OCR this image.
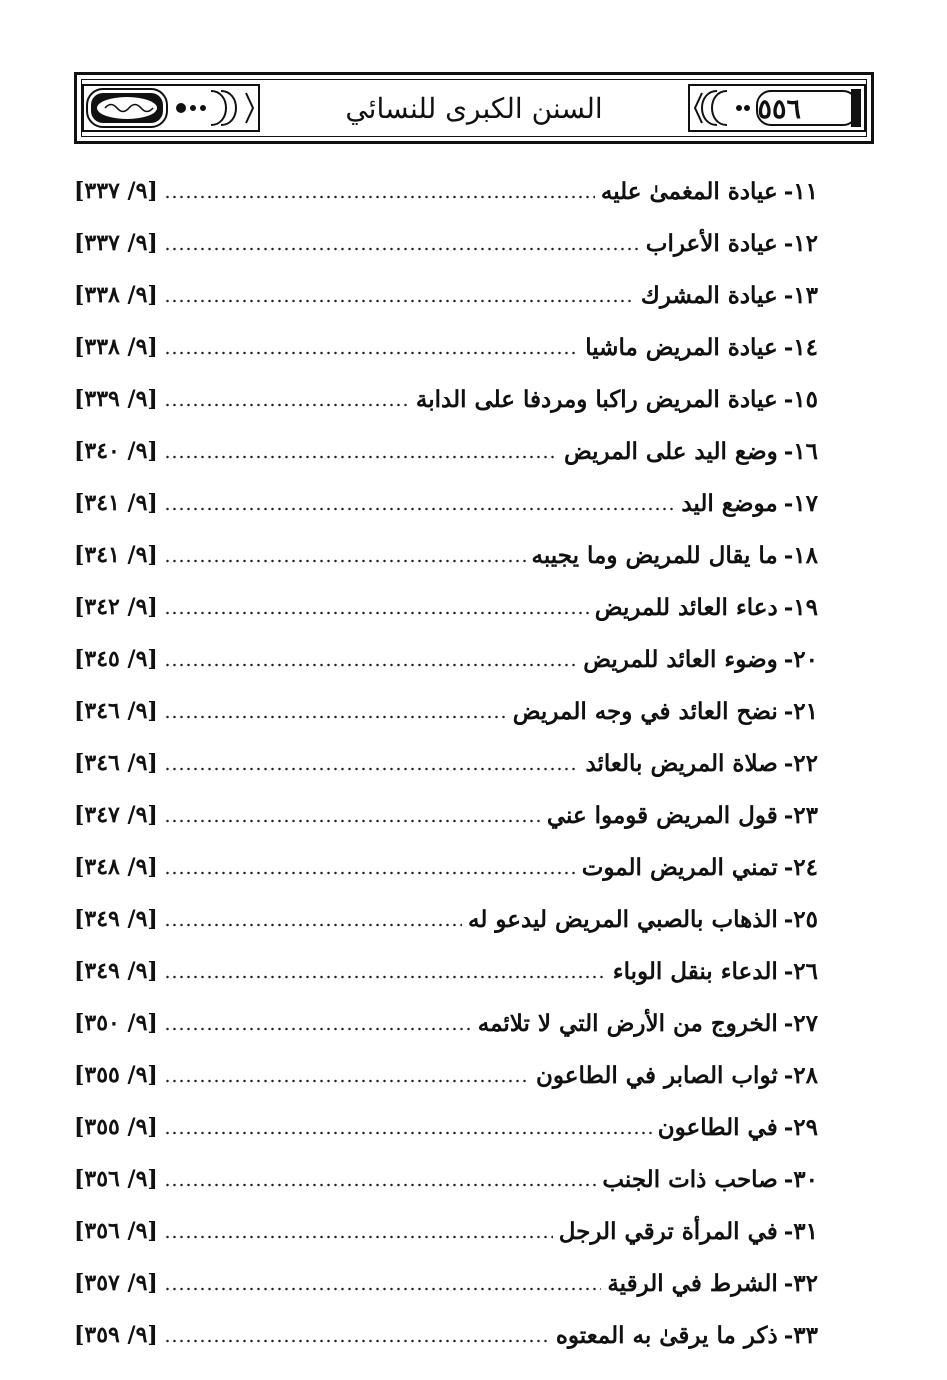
السنن الكبرى للنسائي	٥٥٦
١١-
عيادة المغمىٰ عليه
[٩/ ٣٣٧]
١٢-
عيادة الأعراب
[٩/ ٣٣٧]
١٣-
عيادة المشرك
[٩/ ٣٣٨]
١٤-
عيادة المريض ماشيا
[٩/ ٣٣٨]
١٥-
عيادة المريض راكبا ومردفا على الدابة
[٩/ ٣٣٩]
١٦-
وضع اليد على المريض
[٩/ ٣٤٠]
١٧-
موضع اليد
[٩/ ٣٤١]
١٨-
ما يقال للمريض وما يجيبه
[٩/ ٣٤١]
١٩-
دعاء العائد للمريض
[٩/ ٣٤٢]
٢٠-
وضوء العائد للمريض
[٩/ ٣٤٥]
٢١-
نضح العائد في وجه المريض
[٩/ ٣٤٦]
٢٢-
صلاة المريض بالعائد
[٩/ ٣٤٦]
٢٣-
قول المريض قوموا عني
[٩/ ٣٤٧]
٢٤-
تمني المريض الموت
[٩/ ٣٤٨]
٢٥-
الذهاب بالصبي المريض ليدعو له
[٩/ ٣٤٩]
٢٦-
الدعاء بنقل الوباء
[٩/ ٣٤٩]
٢٧-
الخروج من الأرض التي لا تلائمه
[٩/ ٣٥٠]
٢٨-
ثواب الصابر في الطاعون
[٩/ ٣٥٥]
٢٩-
في الطاعون
[٩/ ٣٥٥]
٣٠-
صاحب ذات الجنب
[٩/ ٣٥٦]
٣١-
في المرأة ترقي الرجل
[٩/ ٣٥٦]
٣٢-
الشرط في الرقية
[٩/ ٣٥٧]
٣٣-
ذكر ما يرقىٰ به المعتوه
[٩/ ٣٥٩]
